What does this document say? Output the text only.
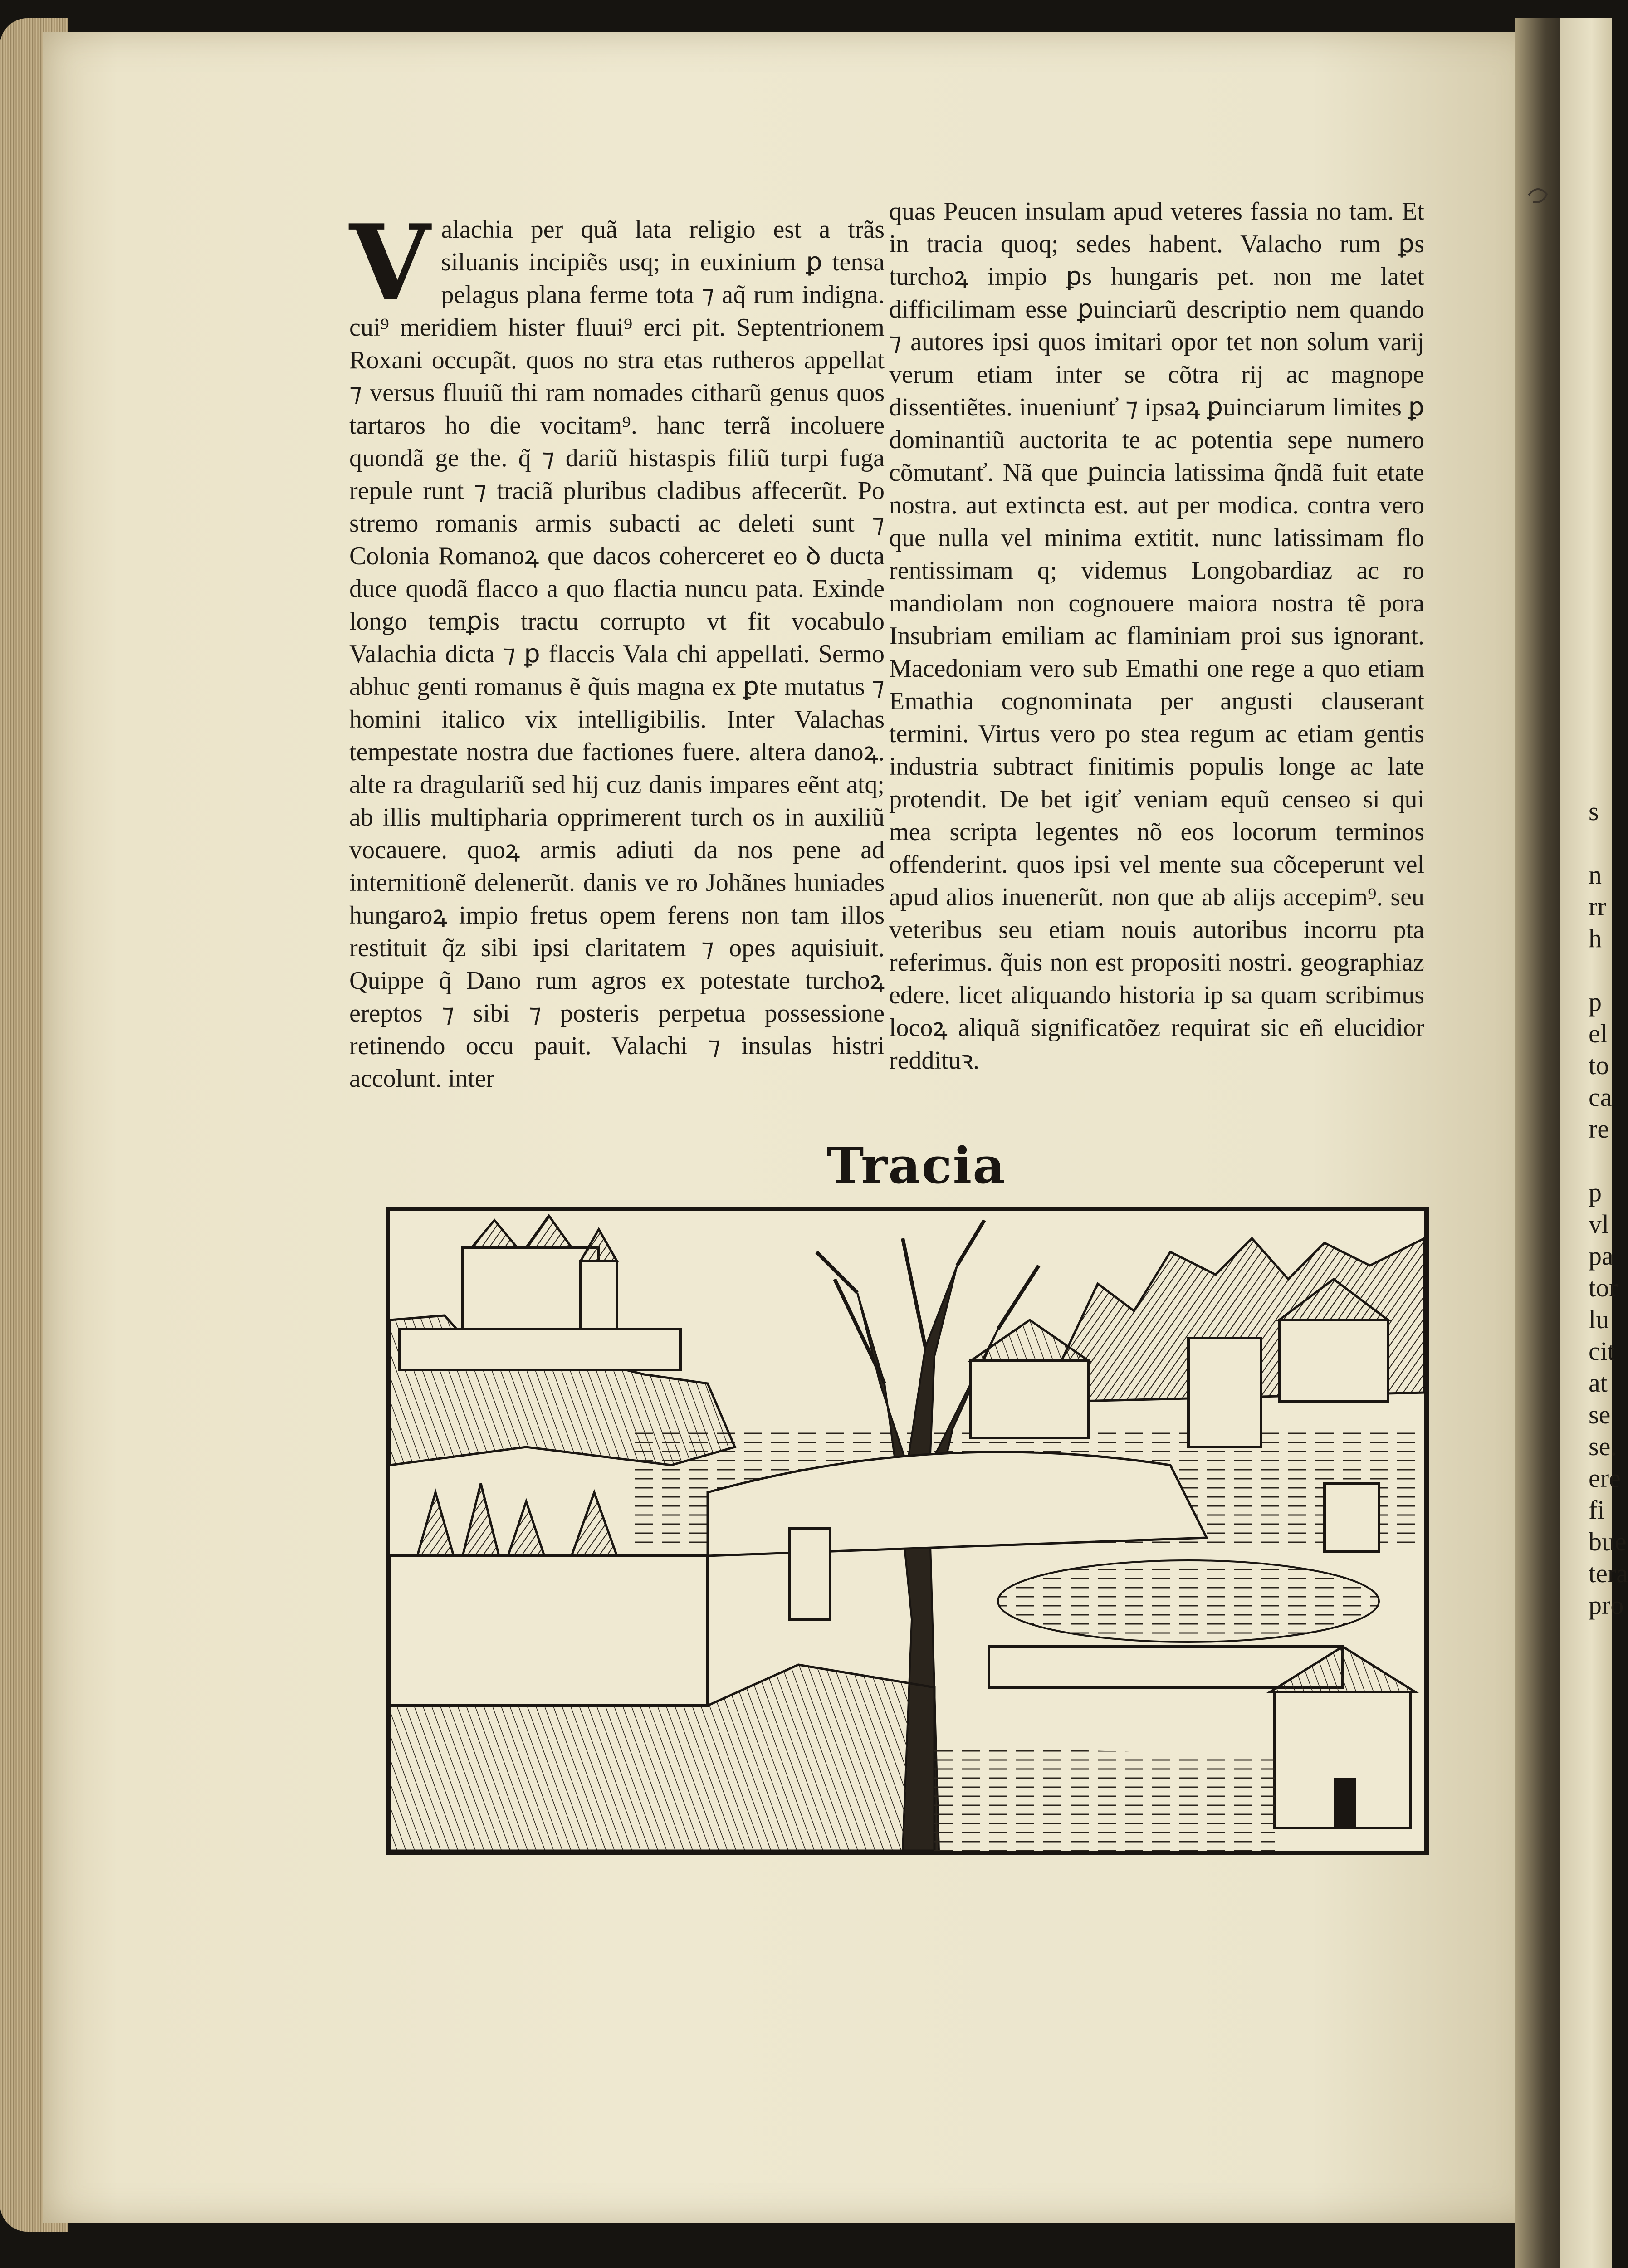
s
n
rr
h
p
el
to
ca
re
p
vl
pa
tor
lu
cit
at
se
se.
ere
fi
bue
tera
pro
V alachia per quã lata religio est a trãs siluanis incipiẽs usq; in euxinium ꝑ tensa pelagus plana ferme tota ⁊ aq̃ rum indigna. cui⁹ meridiem hister fluui⁹ erci pit. Septentrionem Roxani occupãt. quos no stra etas rutheros appellat ⁊ versus fluuiũ thi ram nomades citharũ genus quos tartaros ho die vocitam⁹. hanc terrã incoluere quondã ge the. q̃ ⁊ dariũ histaspis filiũ turpi fuga repule runt ⁊ traciã pluribus cladibus affecerũt. Po stremo romanis armis subacti ac deleti sunt ⁊ Colonia Romanoꝝ que dacos coherceret eo ꝺ ducta duce quodã flacco a quo flactia nuncu pata. Exinde longo temꝑis tractu corrupto vt fit vocabulo Valachia dicta ⁊ ꝑ flaccis Vala chi appellati. Sermo abhuc genti romanus ẽ q̃uis magna ex ꝑte mutatus ⁊ homini italico vix intelligibilis. Inter Valachas tempestate nostra due factiones fuere. altera danoꝝ. alte ra dragulariũ sed hĳ cuz danis impares eẽnt atq; ab illis multipharia opprimerent turch os in auxiliũ vocauere. quoꝝ armis adiuti da nos pene ad internitionẽ delenerũt. danis ve ro Johãnes huniades hungaroꝝ impio fretus opem ferens non tam illos restituit q̃z sibi ipsi claritatem ⁊ opes aquisiuit. Quippe q̃ Dano rum agros ex potestate turchoꝝ ereptos ⁊ sibi ⁊ posteris perpetua possessione retinendo occu pauit. Valachi ⁊ insulas histri accolunt. inter
quas Peucen insulam apud veteres fassia no tam. Et in tracia quoq; sedes habent. Valacho rum ꝑs turchoꝝ impio ꝑs hungaris pet. non me latet difficilimam esse ꝑuinciarũ descriptio nem quando ⁊ autores ipsi quos imitari opor tet non solum varĳ verum etiam inter se cõtra rĳ ac magnope dissentiẽtes. inueniunť ⁊ ipsaꝝ ꝑuinciarum limites ꝑ dominantiũ auctorita te ac potentia sepe numero cõmutanť. Nã que ꝑuincia latissima q̃ndã fuit etate nostra. aut extincta est. aut per modica. contra vero que nulla vel minima extitit. nunc latissimam flo rentissimam q; videmus Longobardiaz ac ro mandiolam non cognouere maiora nostra tẽ pora Insubriam emiliam ac flaminiam proi sus ignorant. Macedoniam vero sub Emathi one rege a quo etiam Emathia cognominata per angusti clauserant termini. Virtus vero po stea regum ac etiam gentis industria subtract finitimis populis longe ac late protendit. De bet igiť veniam equũ censeo si qui mea scripta legentes nõ eos locorum terminos offenderint. quos ipsi vel mente sua cõceperunt vel apud alios inuenerũt. non que ab alĳs accepim⁹. seu veteribus seu etiam nouis autoribus incorru pta referimus. q̃uis non est propositi nostri. geographiaz edere. licet aliquando historia ip sa quam scribimus locoꝝ aliquã significatõez requirat sic eñ elucidior reddituꝛ.
Tracia
